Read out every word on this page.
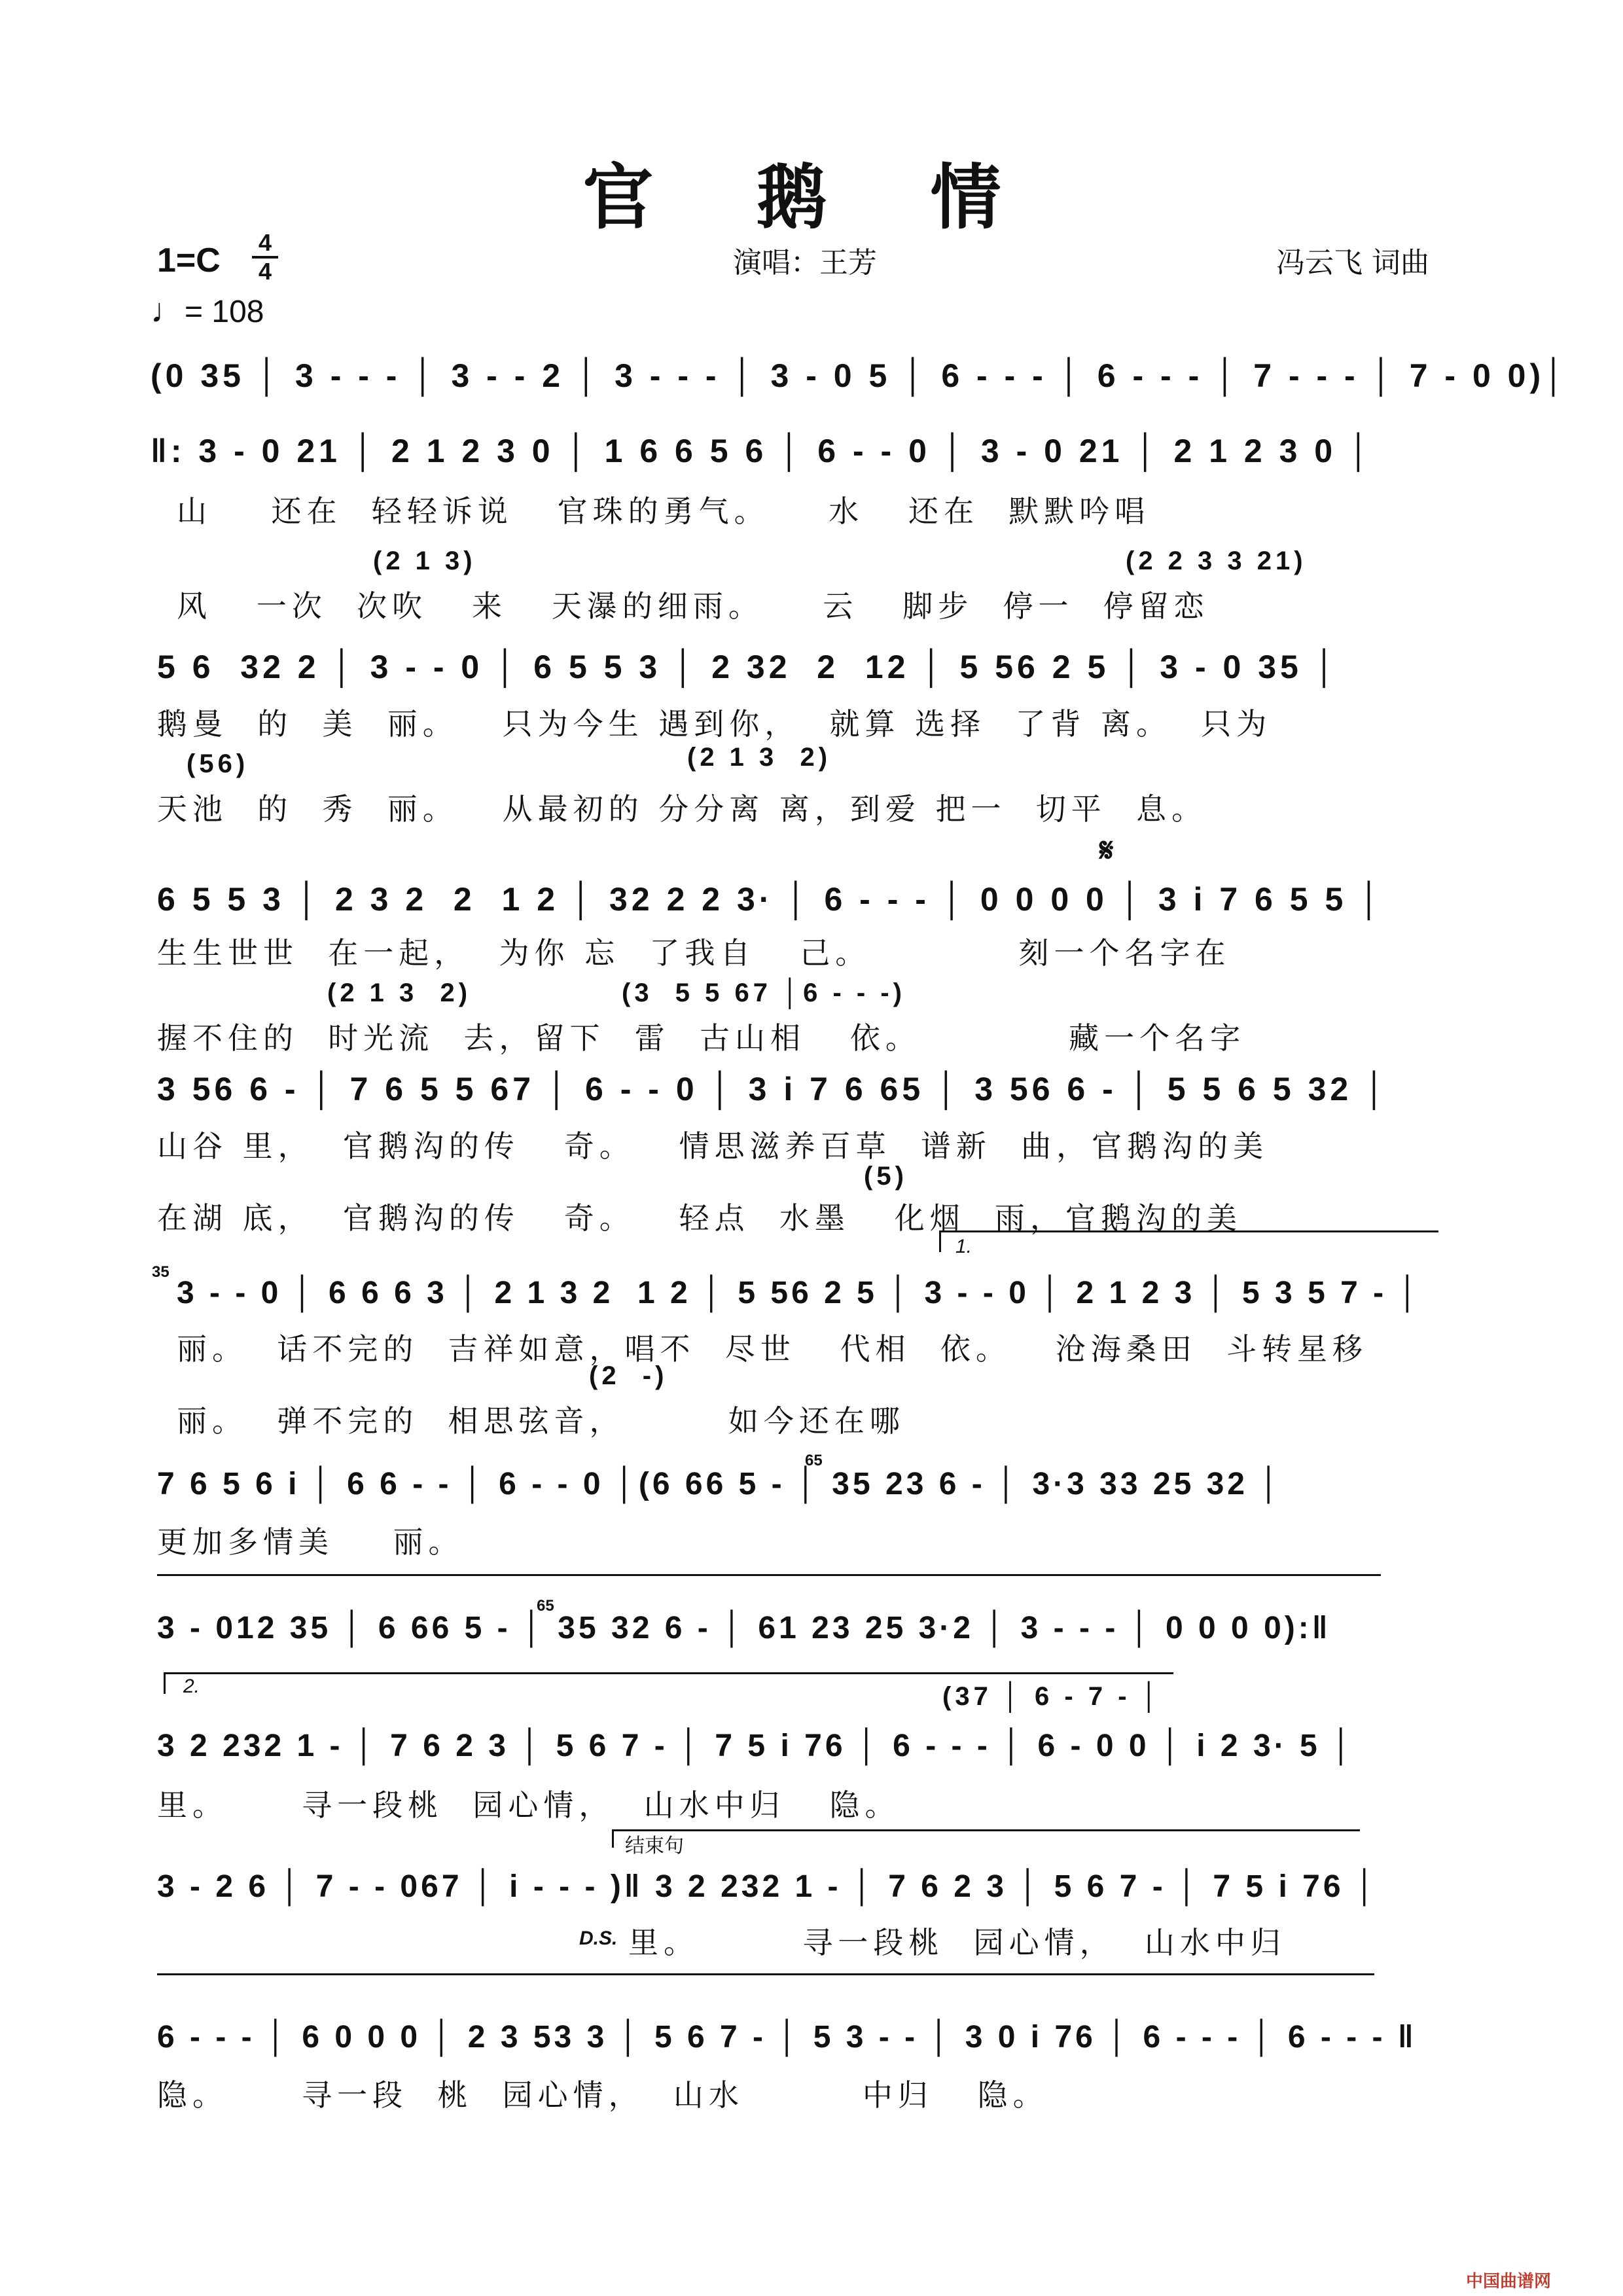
官 鹅 情
1=C 4
4
♩= 108
演唱：王芳	冯云飞 词曲
(0 35 │ 3 - - - │ 3 - - 2 │ 3 - - - │ 3 - 0 5 │ 6 - - - │ 6 - - - │ 7 - - - │ 7 - 0 0)│
‖: 3 - 0 21 │ 2 1 2 3 0 │ 1 6 6 5 6 │ 6 - - 0 │ 3 - 0 21 │ 2 1 2 3 0 │
山    还在  轻轻诉说   官珠的勇气。    水   还在  默默吟唱
(2 1 3)	(2 2 3 3 21)
风   一次  次吹   来   天瀑的细雨。    云   脚步  停一  停留恋
5 6  32 2 │ 3 - - 0 │ 6 5 5 3 │ 2 32  2  12 │ 5 56 2 5 │ 3 - 0 35 │
鹅曼  的  美  丽。   只为今生 遇到你，  就算 选择  了背 离。  只为
(56)	(2 1 3  2)
天池  的  秀  丽。   从最初的 分分离 离，到爱 把一  切平  息。
𝄋
6 5 5 3 │ 2 3 2  2  1 2 │ 32 2 2 3· │ 6 - - - │ 0 0 0 0 │ 3 i 7 6 5 5 │
生生世世  在一起，  为你 忘  了我自   己。          刻一个名字在
(2 1 3  2)	(3  5 5 67 │6 - - -)
握不住的  时光流  去，留下  雷  古山相   依。          藏一个名字
3 56 6 - │ 7 6 5 5 67 │ 6 - - 0 │ 3 i 7 6 65 │ 3 56 6 - │ 5 5 6 5 32 │
山谷 里，  官鹅沟的传   奇。   情思滋养百草  谱新  曲，官鹅沟的美
(5)
在湖 底，  官鹅沟的传   奇。   轻点  水墨   化烟  雨，官鹅沟的美
1.
35
3 - - 0 │ 6 6 6 3 │ 2 1 3 2  1 2 │ 5 56 2 5 │ 3 - - 0 │ 2 1 2 3 │ 5 3 5 7 - │
丽。  话不完的  吉祥如意，唱不  尽世   代相  依。   沧海桑田  斗转星移
(2  -)
丽。  弹不完的  相思弦音，       如今还在哪
65
7 6 5 6 i │ 6 6 - - │ 6 - - 0 │(6 66 5 - │ 35 23 6 - │ 3·3 33 25 32 │
更加多情美    丽。
65
3 - 012 35 │ 6 66 5 - │ 35 32 6 - │ 61 23 25 3·2 │ 3 - - - │ 0 0 0 0):‖
2.	(37 │ 6 - 7 - │
3 2 232 1 - │ 7 6 2 3 │ 5 6 7 - │ 7 5 i 76 │ 6 - - - │ 6 - 0 0 │ i 2 3· 5 │
里。     寻一段桃  园心情，  山水中归   隐。
结束句
3 - 2 6 │ 7 - - 067 │ i - - - )‖ 3 2 232 1 - │ 7 6 2 3 │ 5 6 7 - │ 7 5 i 76 │
D.S. 里。       寻一段桃  园心情，  山水中归
6 - - - │ 6 0 0 0 │ 2 3 53 3 │ 5 6 7 - │ 5 3 - - │ 3 0 i 76 │ 6 - - - │ 6 - - - ‖
隐。     寻一段  桃  园心情，  山水        中归   隐。
中国曲谱网
